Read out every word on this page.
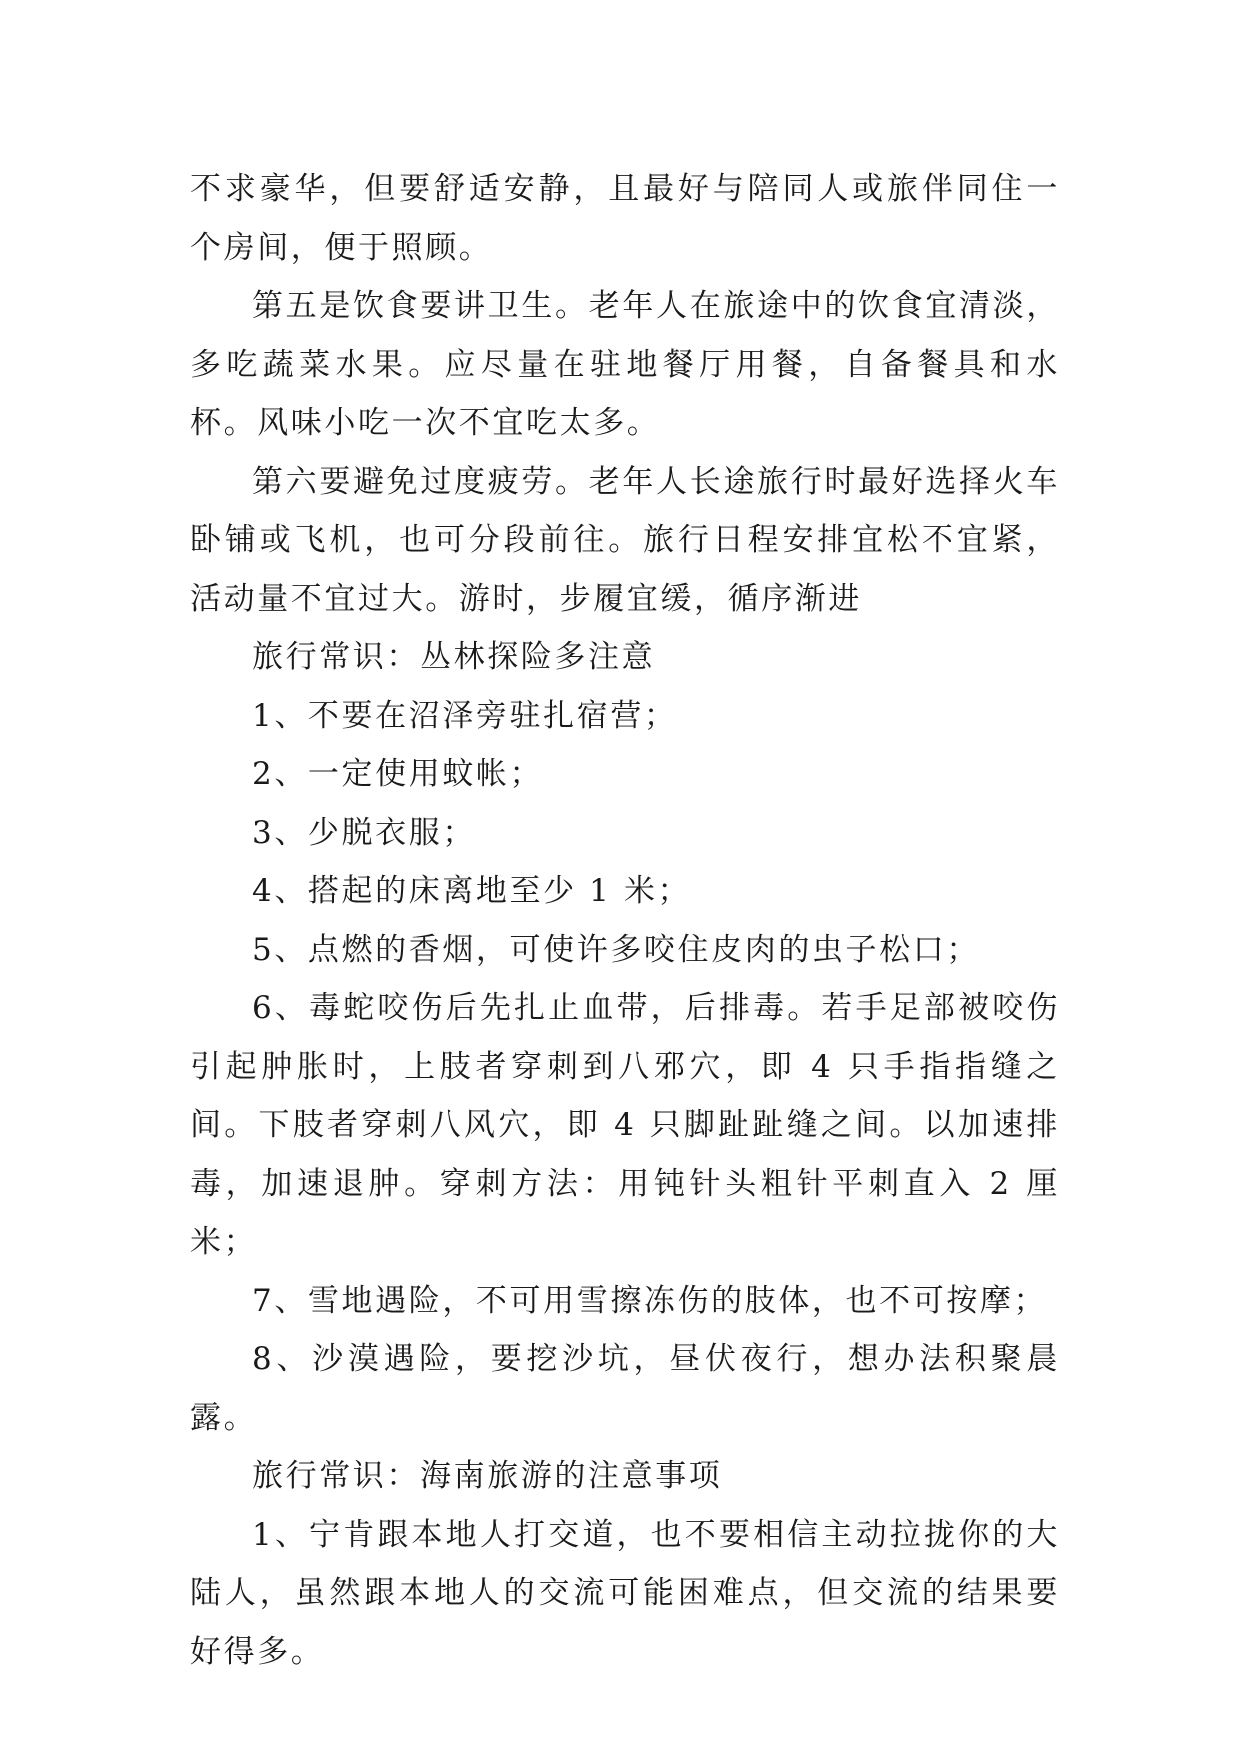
不求豪华，但要舒适安静，且最好与陪同人或旅伴同住一个房间，便于照顾。

第五是饮食要讲卫生。老年人在旅途中的饮食宜清淡，多吃蔬菜水果。应尽量在驻地餐厅用餐，自备餐具和水杯。风味小吃一次不宜吃太多。

第六要避免过度疲劳。老年人长途旅行时最好选择火车卧铺或飞机，也可分段前往。旅行日程安排宜松不宜紧，活动量不宜过大。游时，步履宜缓，循序渐进

旅行常识：丛林探险多注意

1、不要在沼泽旁驻扎宿营；

2、一定使用蚊帐；

3、少脱衣服；

4、搭起的床离地至少 1 米；

5、点燃的香烟，可使许多咬住皮肉的虫子松口；

6、毒蛇咬伤后先扎止血带，后排毒。若手足部被咬伤引起肿胀时，上肢者穿刺到八邪穴，即 4 只手指指缝之间。下肢者穿刺八风穴，即 4 只脚趾趾缝之间。以加速排毒，加速退肿。穿刺方法：用钝针头粗针平刺直入 2 厘米；

7、雪地遇险，不可用雪擦冻伤的肢体，也不可按摩；

8、沙漠遇险，要挖沙坑，昼伏夜行，想办法积聚晨露。

旅行常识：海南旅游的注意事项

1、宁肯跟本地人打交道，也不要相信主动拉拢你的大陆人，虽然跟本地人的交流可能困难点，但交流的结果要好得多。
